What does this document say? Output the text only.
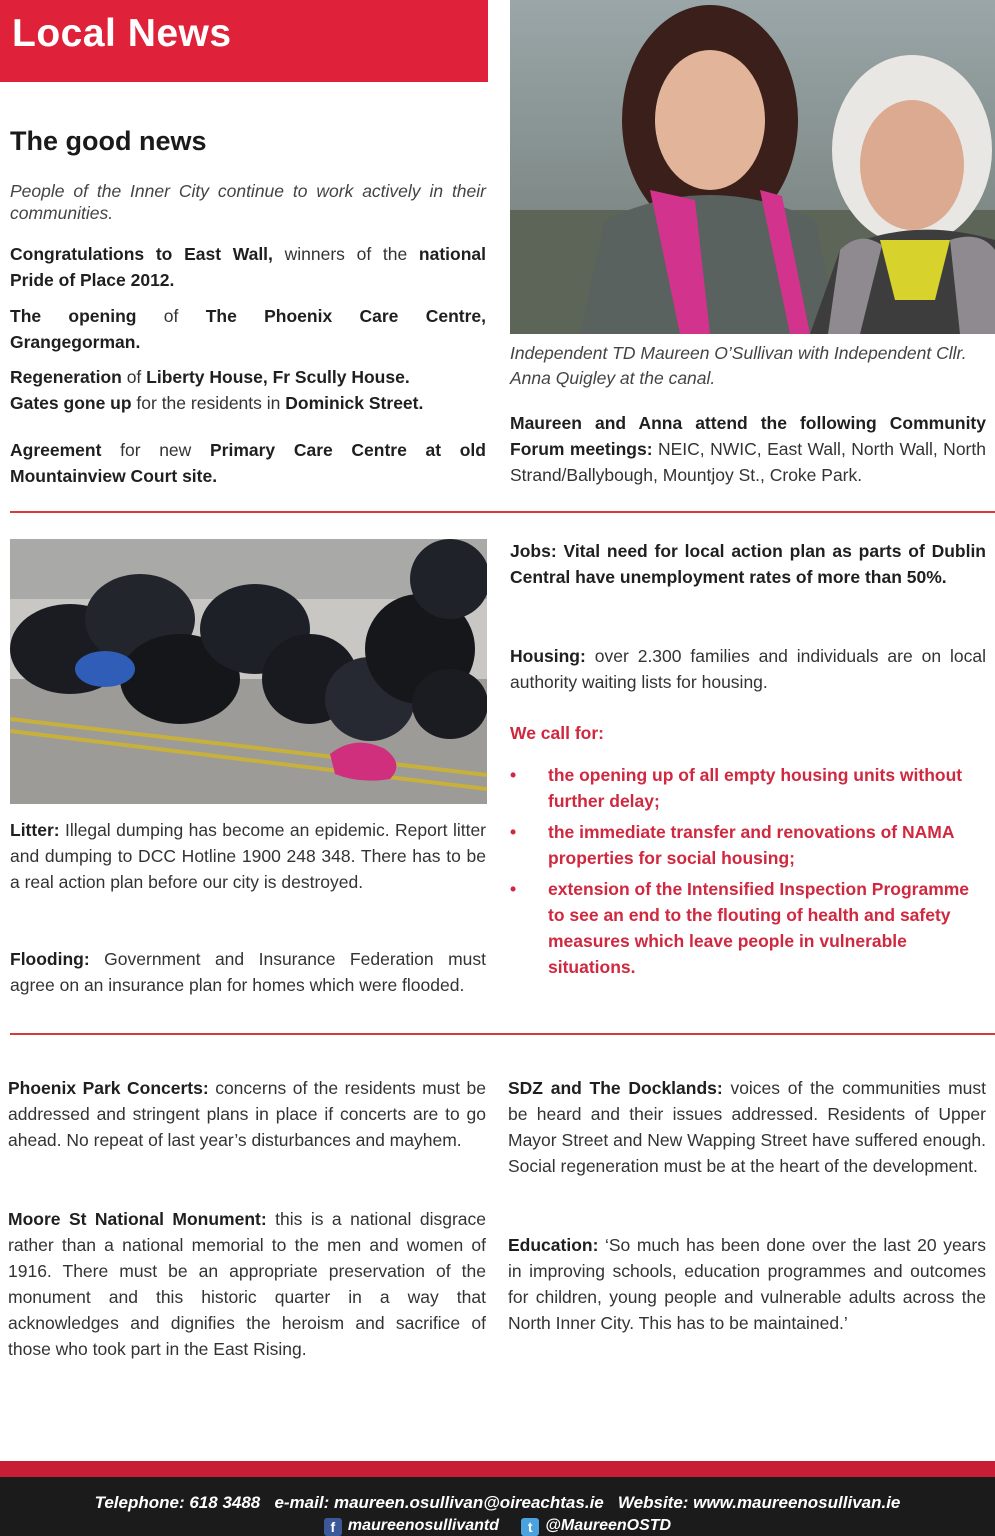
Local News
The good news

People of the Inner City continue to work actively in their communities.

Congratulations to East Wall, winners of the national Pride of Place 2012.

The opening of The Phoenix Care Centre, Grangegorman.

Regeneration of Liberty House, Fr Scully House.

Gates gone up for the residents in Dominick Street.

Agreement for new Primary Care Centre at old Mountainview Court site.

Independent TD Maureen O’Sullivan with Independent Cllr. Anna Quigley at the canal.

Maureen and Anna attend the following Community Forum meetings: NEIC, NWIC, East Wall, North Wall, North Strand/Ballybough, Mountjoy St., Croke Park.

Litter: Illegal dumping has become an epidemic. Report litter and dumping to DCC Hotline 1900 248 348. There has to be a real action plan before our city is destroyed.

Flooding: Government and Insurance Federation must agree on an insurance plan for homes which were flooded.

Jobs: Vital need for local action plan as parts of Dublin Central have unemployment rates of more than 50%.

Housing: over 2.300 families and individuals are on local authority waiting lists for housing.

We call for:

• the opening up of all empty housing units without further delay;
• the immediate transfer and renovations of NAMA properties for social housing;
• extension of the Intensified Inspection Programme to see an end to the flouting of health and safety measures which leave people in vulnerable situations.

Phoenix Park Concerts: concerns of the residents must be addressed and stringent plans in place if concerts are to go ahead. No repeat of last year’s disturbances and mayhem.

Moore St National Monument: this is a national disgrace rather than a national memorial to the men and women of 1916. There must be an appropriate preservation of the monument and this historic quarter in a way that acknowledges and dignifies the heroism and sacrifice of those who took part in the East Rising.

SDZ and The Docklands: voices of the communities must be heard and their issues addressed. Residents of Upper Mayor Street and New Wapping Street have suffered enough. Social regeneration must be at the heart of the development.

Education: ‘So much has been done over the last 20 years in improving schools, education programmes and outcomes for children, young people and vulnerable adults across the North Inner City. This has to be maintained.’

Telephone: 618 3488 e-mail: maureen.osullivan@oireachtas.ie Website: www.maureenosullivan.ie
f maureenosullivantd t @MaureenOSTD
